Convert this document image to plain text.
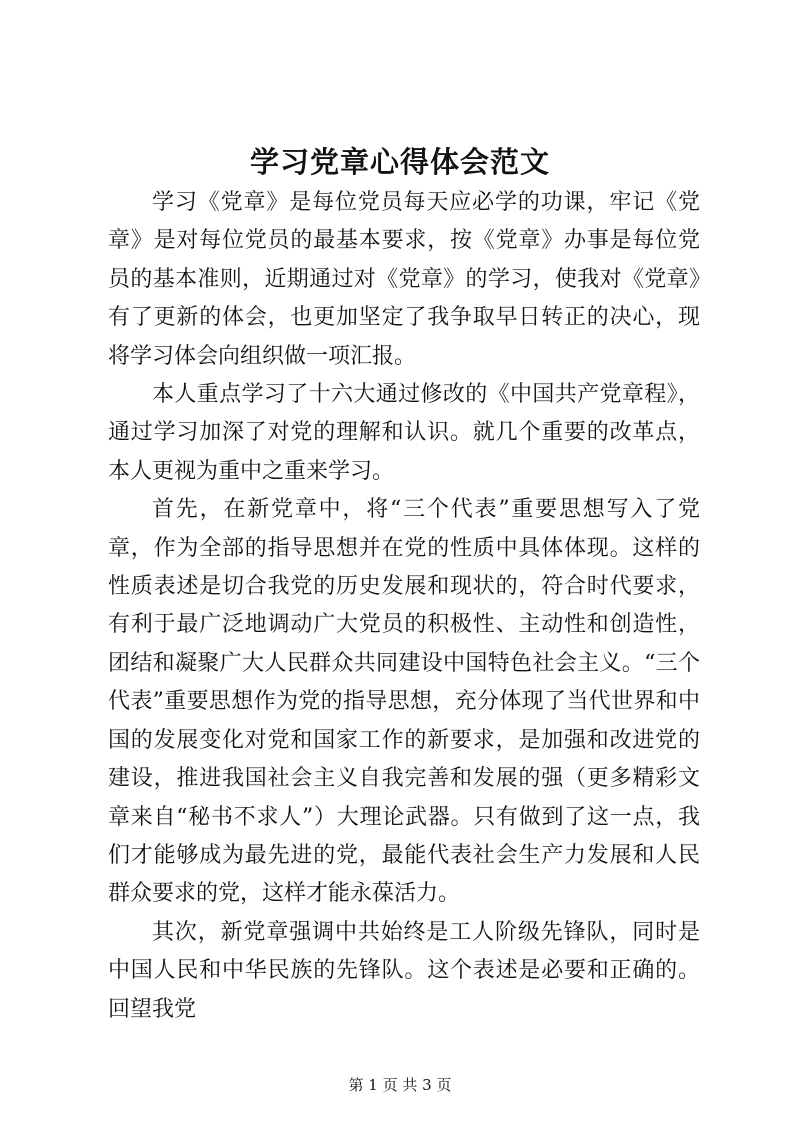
学习党章心得体会范文

学习《党章》是每位党员每天应必学的功课，牢记《党章》是对每位党员的最基本要求，按《党章》办事是每位党员的基本准则，近期通过对《党章》的学习，使我对《党章》有了更新的体会，也更加坚定了我争取早日转正的决心，现将学习体会向组织做一项汇报。

本人重点学习了十六大通过修改的《中国共产党章程》，通过学习加深了对党的理解和认识。就几个重要的改革点，本人更视为重中之重来学习。

首先，在新党章中，将“三个代表”重要思想写入了党章，作为全部的指导思想并在党的性质中具体体现。这样的性质表述是切合我党的历史发展和现状的，符合时代要求，有利于最广泛地调动广大党员的积极性、主动性和创造性，团结和凝聚广大人民群众共同建设中国特色社会主义。“三个代表”重要思想作为党的指导思想，充分体现了当代世界和中国的发展变化对党和国家工作的新要求，是加强和改进党的建设，推进我国社会主义自我完善和发展的强（更多精彩文章来自“秘书不求人”）大理论武器。只有做到了这一点，我们才能够成为最先进的党，最能代表社会生产力发展和人民群众要求的党，这样才能永葆活力。

其次，新党章强调中共始终是工人阶级先锋队，同时是中国人民和中华民族的先锋队。这个表述是必要和正确的。回望我党

第 1 页 共 3 页
